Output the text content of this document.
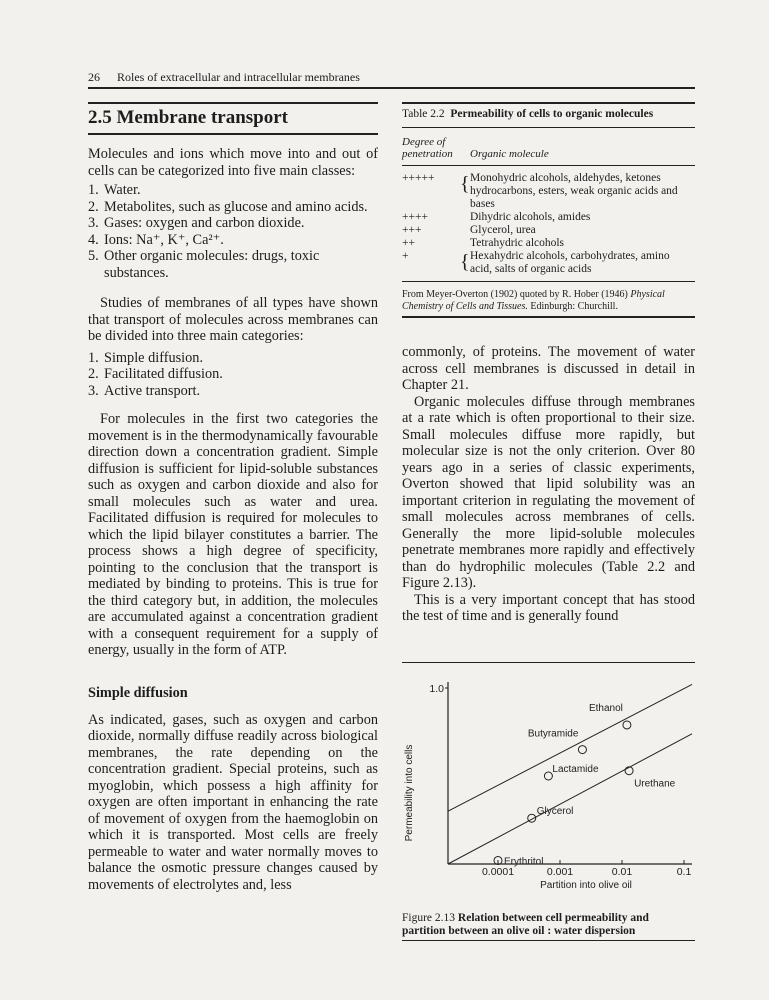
26 Roles of extracellular and intracellular membranes
2.5 Membrane transport

Molecules and ions which move into and out of cells can be categorized into five main classes:

1. Water.
2. Metabolites, such as glucose and amino acids.
3. Gases: oxygen and carbon dioxide.
4. Ions: Na⁺, K⁺, Ca²⁺.
5. Other organic molecules: drugs, toxic substances.

Studies of membranes of all types have shown that transport of molecules across membranes can be divided into three main categories:

1. Simple diffusion.
2. Facilitated diffusion.
3. Active transport.

For molecules in the first two categories the movement is in the thermodynamically favourable direction down a concentration gradient. Simple diffusion is sufficient for lipid-soluble substances such as oxygen and carbon dioxide and also for small molecules such as water and urea. Facilitated diffusion is required for molecules to which the lipid bilayer constitutes a barrier. The process shows a high degree of specificity, pointing to the conclusion that the transport is mediated by binding to proteins. This is true for the third category but, in addition, the molecules are accumulated against a concentration gradient with a consequent requirement for a supply of energy, usually in the form of ATP.

Simple diffusion

As indicated, gases, such as oxygen and carbon dioxide, normally diffuse readily across biological membranes, the rate depending on the concentration gradient. Special proteins, such as myoglobin, which possess a high affinity for oxygen are often important in enhancing the rate of movement of oxygen from the haemoglobin on which it is transported. Most cells are freely permeable to water and water normally moves to balance the osmotic pressure changes caused by movements of electrolytes and, less

Table 2.2 Permeability of cells to organic molecules
Degree of
penetration	Organic molecule
+++++	{	Monohydric alcohols, aldehydes, ketones hydrocarbons, esters, weak organic acids and bases
++++		Dihydric alcohols, amides
+++		Glycerol, urea
++		Tetrahydric alcohols
+	{	Hexahydric alcohols, carbohydrates, amino acid, salts of organic acids
From Meyer-Overton (1902) quoted by R. Hober (1946) Physical Chemistry of Cells and Tissues. Edinburgh: Churchill.

commonly, of proteins. The movement of water across cell membranes is discussed in detail in Chapter 21.

Organic molecules diffuse through membranes at a rate which is often proportional to their size. Small molecules diffuse more rapidly, but molecular size is not the only criterion. Over 80 years ago in a series of classic experiments, Overton showed that lipid solubility was an important criterion in regulating the movement of small molecules across membranes of cells. Generally the more lipid-soluble molecules penetrate membranes more rapidly and effectively than do hydrophilic molecules (Table 2.2 and Figure 2.13).

This is a very important concept that has stood the test of time and is generally found

1.0
0.0001	0.001	0.01	0.1
Partition into olive oil
Permeability into cells
Erythritol
Glycerol
Lactamide
Butyramide
Ethanol
Urethane
Figure 2.13 Relation between cell permeability and partition between an olive oil : water dispersion
